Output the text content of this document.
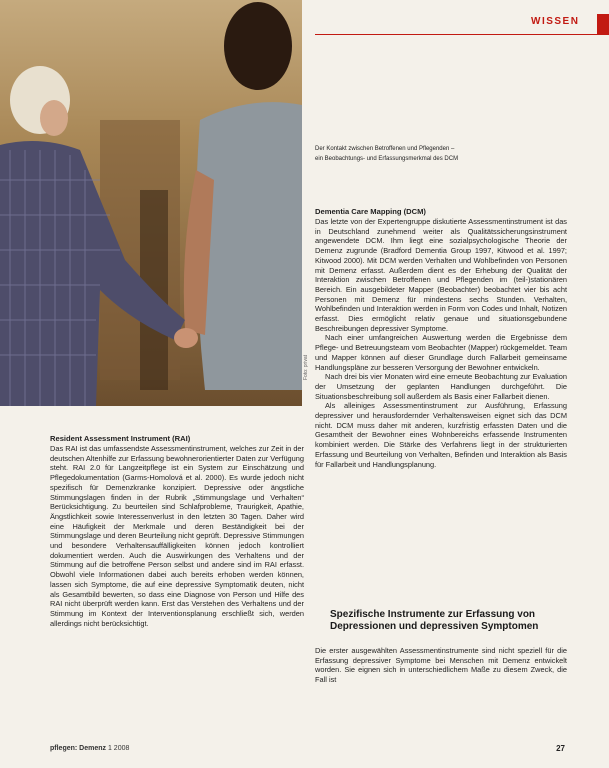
WISSEN
Foto: privat
Der Kontakt zwischen Betroffenen und Pflegenden –
ein Beobachtungs- und Erfassungsmerkmal des DCM
Resident Assessment Instrument (RAI)

Das RAI ist das umfassendste Assessmentinstrument, welches zur Zeit in der deutschen Altenhilfe zur Erfassung bewohnerorientierter Daten zur Verfügung steht. RAI 2.0 für Langzeitpflege ist ein System zur Einschätzung und Pflegedokumentation (Garms-Homolová et al. 2000). Es wurde jedoch nicht spezifisch für Demenzkranke konzipiert. Depressive oder ängstliche Stimmungslagen finden in der Rubrik „Stimmungslage und Verhalten“ Berücksichtigung. Zu beurteilen sind Schlafprobleme, Traurigkeit, Apathie, Ängstlichkeit sowie Interessenverlust in den letzten 30 Tagen. Daher wird eine Häufigkeit der Merkmale und deren Beständigkeit bei der Stimmungslage und deren Beurteilung nicht geprüft. Depressive Stimmungen und besondere Verhaltensauffälligkeiten können jedoch kontrolliert dokumentiert werden. Auch die Auswirkungen des Verhaltens und der Stimmung auf die betroffene Person selbst und andere sind im RAI erfasst. Obwohl viele Informationen dabei auch bereits erhoben werden können, lassen sich Symptome, die auf eine depressive Symptomatik deuten, nicht als Gesamtbild bewerten, so dass eine Diagnose von Person und Hilfe des RAI nicht überprüft werden kann. Erst das Verstehen des Verhaltens und der Stimmung im Kontext der Interventionsplanung erschließt sich, werden allerdings nicht berücksichtigt.

Dementia Care Mapping (DCM)

Das letzte von der Expertengruppe diskutierte Assessmentinstrument ist das in Deutschland zunehmend weiter als Qualitätssicherungsinstrument angewendete DCM. Ihm liegt eine sozialpsychologische Theorie der Demenz zugrunde (Bradford Dementia Group 1997, Kitwood et al. 1997; Kitwood 2000). Mit DCM werden Verhalten und Wohlbefinden von Personen mit Demenz erfasst. Außerdem dient es der Erhebung der Qualität der Interaktion zwischen Betroffenen und Pflegenden im (teil-)stationären Bereich. Ein ausgebildeter Mapper (Beobachter) beobachtet vier bis acht Personen mit Demenz für mindestens sechs Stunden. Verhalten, Wohlbefinden und Interaktion werden in Form von Codes und Inhalt, Notizen erfasst. Dies ermöglicht relativ genaue und situationsgebundene Beschreibungen depressiver Symptome.

Nach einer umfangreichen Auswertung werden die Ergebnisse dem Pflege- und Betreuungsteam vom Beobachter (Mapper) rückgemeldet. Team und Mapper können auf dieser Grundlage durch Fallarbeit gemeinsame Handlungspläne zur besseren Versorgung der Bewohner entwickeln.

Nach drei bis vier Monaten wird eine erneute Beobachtung zur Evaluation der Umsetzung der geplanten Handlungen durchgeführt. Die Situationsbeschreibung soll außerdem als Basis einer Fallarbeit dienen.

Als alleiniges Assessmentinstrument zur Ausführung, Erfassung depressiver und herausfordernder Verhaltensweisen eignet sich das DCM nicht. DCM muss daher mit anderen, kurzfristig erfassten Daten und die Gesamtheit der Bewohner eines Wohnbereichs erfassende Instrumenten kombiniert werden. Die Stärke des Verfahrens liegt in der strukturierten Erfassung und Beurteilung von Verhalten, Befinden und Interaktion als Basis für Fallarbeit und Handlungsplanung.

Spezifische Instrumente zur Erfassung von Depressionen und depressiven Symptomen

Die erster ausgewählten Assessmentinstrumente sind nicht speziell für die Erfassung depressiver Symptome bei Menschen mit Demenz entwickelt worden. Sie eignen sich in unterschiedlichem Maße zu diesem Zweck, die Fall ist

pflegen: Demenz 1 2008	27
